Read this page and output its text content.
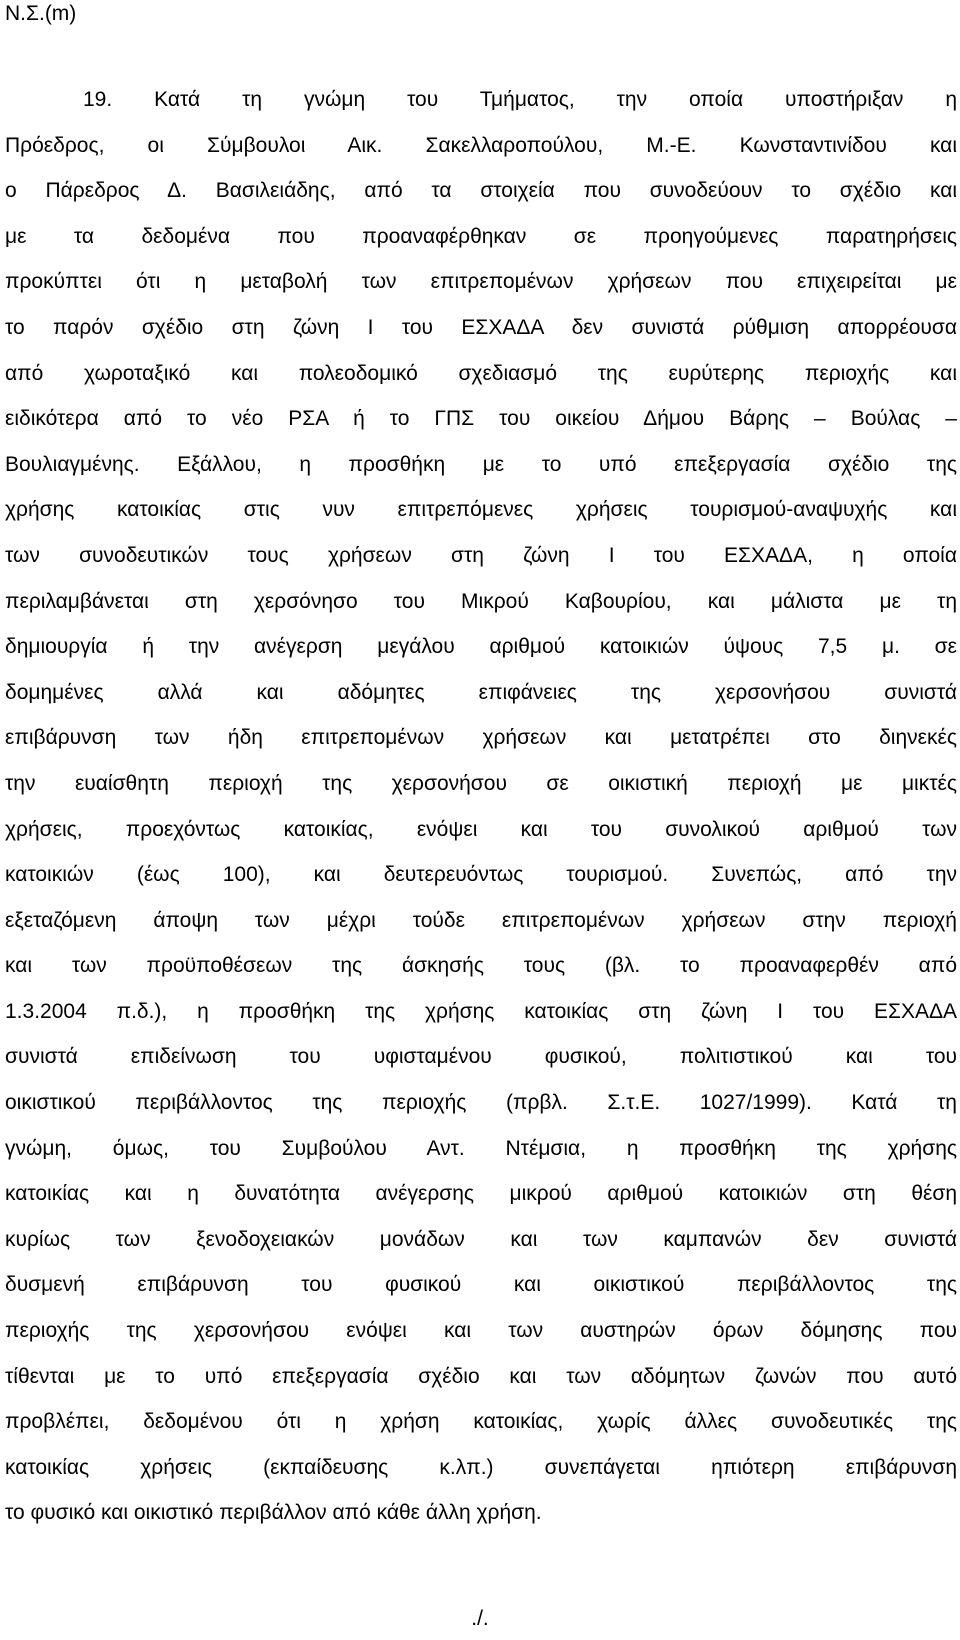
Ν.Σ.(m)
19. Κατά τη γνώμη του Τμήματος, την οποία υποστήριξαν η
Πρόεδρος, οι Σύμβουλοι Αικ. Σακελλαροπούλου, Μ.-Ε. Κωνσταντινίδου και
ο Πάρεδρος Δ. Βασιλειάδης, από τα στοιχεία που συνοδεύουν το σχέδιο και
με τα δεδομένα που προαναφέρθηκαν σε προηγούμενες παρατηρήσεις
προκύπτει ότι η μεταβολή των επιτρεπομένων χρήσεων που επιχειρείται με
το παρόν σχέδιο στη ζώνη Ι του ΕΣΧΑΔΑ δεν συνιστά ρύθμιση απορρέουσα
από χωροταξικό και πολεοδομικό σχεδιασμό της ευρύτερης περιοχής και
ειδικότερα από το νέο ΡΣΑ ή το ΓΠΣ του οικείου Δήμου Βάρης – Βούλας –
Βουλιαγμένης. Εξάλλου, η προσθήκη με το υπό επεξεργασία σχέδιο της
χρήσης κατοικίας στις νυν επιτρεπόμενες χρήσεις τουρισμού-αναψυχής και
των συνοδευτικών τους χρήσεων στη ζώνη Ι του ΕΣΧΑΔΑ, η οποία
περιλαμβάνεται στη χερσόνησο του Μικρού Καβουρίου, και μάλιστα με τη
δημιουργία ή την ανέγερση μεγάλου αριθμού κατοικιών ύψους 7,5 μ. σε
δομημένες αλλά και αδόμητες επιφάνειες της χερσονήσου συνιστά
επιβάρυνση των ήδη επιτρεπομένων χρήσεων και μετατρέπει στο διηνεκές
την ευαίσθητη περιοχή της χερσονήσου σε οικιστική περιοχή με μικτές
χρήσεις, προεχόντως κατοικίας, ενόψει και του συνολικού αριθμού των
κατοικιών (έως 100), και δευτερευόντως τουρισμού. Συνεπώς, από την
εξεταζόμενη άποψη των μέχρι τούδε επιτρεπομένων χρήσεων στην περιοχή
και των προϋποθέσεων της άσκησής τους (βλ. το προαναφερθέν από
1.3.2004 π.δ.), η προσθήκη της χρήσης κατοικίας στη ζώνη Ι του ΕΣΧΑΔΑ
συνιστά επιδείνωση του υφισταμένου φυσικού, πολιτιστικού και του
οικιστικού περιβάλλοντος της περιοχής (πρβλ. Σ.τ.Ε. 1027/1999). Κατά τη
γνώμη, όμως, του Συμβούλου Αντ. Ντέμσια, η προσθήκη της χρήσης
κατοικίας και η δυνατότητα ανέγερσης μικρού αριθμού κατοικιών στη θέση
κυρίως των ξενοδοχειακών μονάδων και των καμπανών δεν συνιστά
δυσμενή επιβάρυνση του φυσικού και οικιστικού περιβάλλοντος της
περιοχής της χερσονήσου ενόψει και των αυστηρών όρων δόμησης που
τίθενται με το υπό επεξεργασία σχέδιο και των αδόμητων ζωνών που αυτό
προβλέπει, δεδομένου ότι η χρήση κατοικίας, χωρίς άλλες συνοδευτικές της
κατοικίας χρήσεις (εκπαίδευσης κ.λπ.) συνεπάγεται ηπιότερη επιβάρυνση
το φυσικό και οικιστικό περιβάλλον από κάθε άλλη χρήση.
./.
